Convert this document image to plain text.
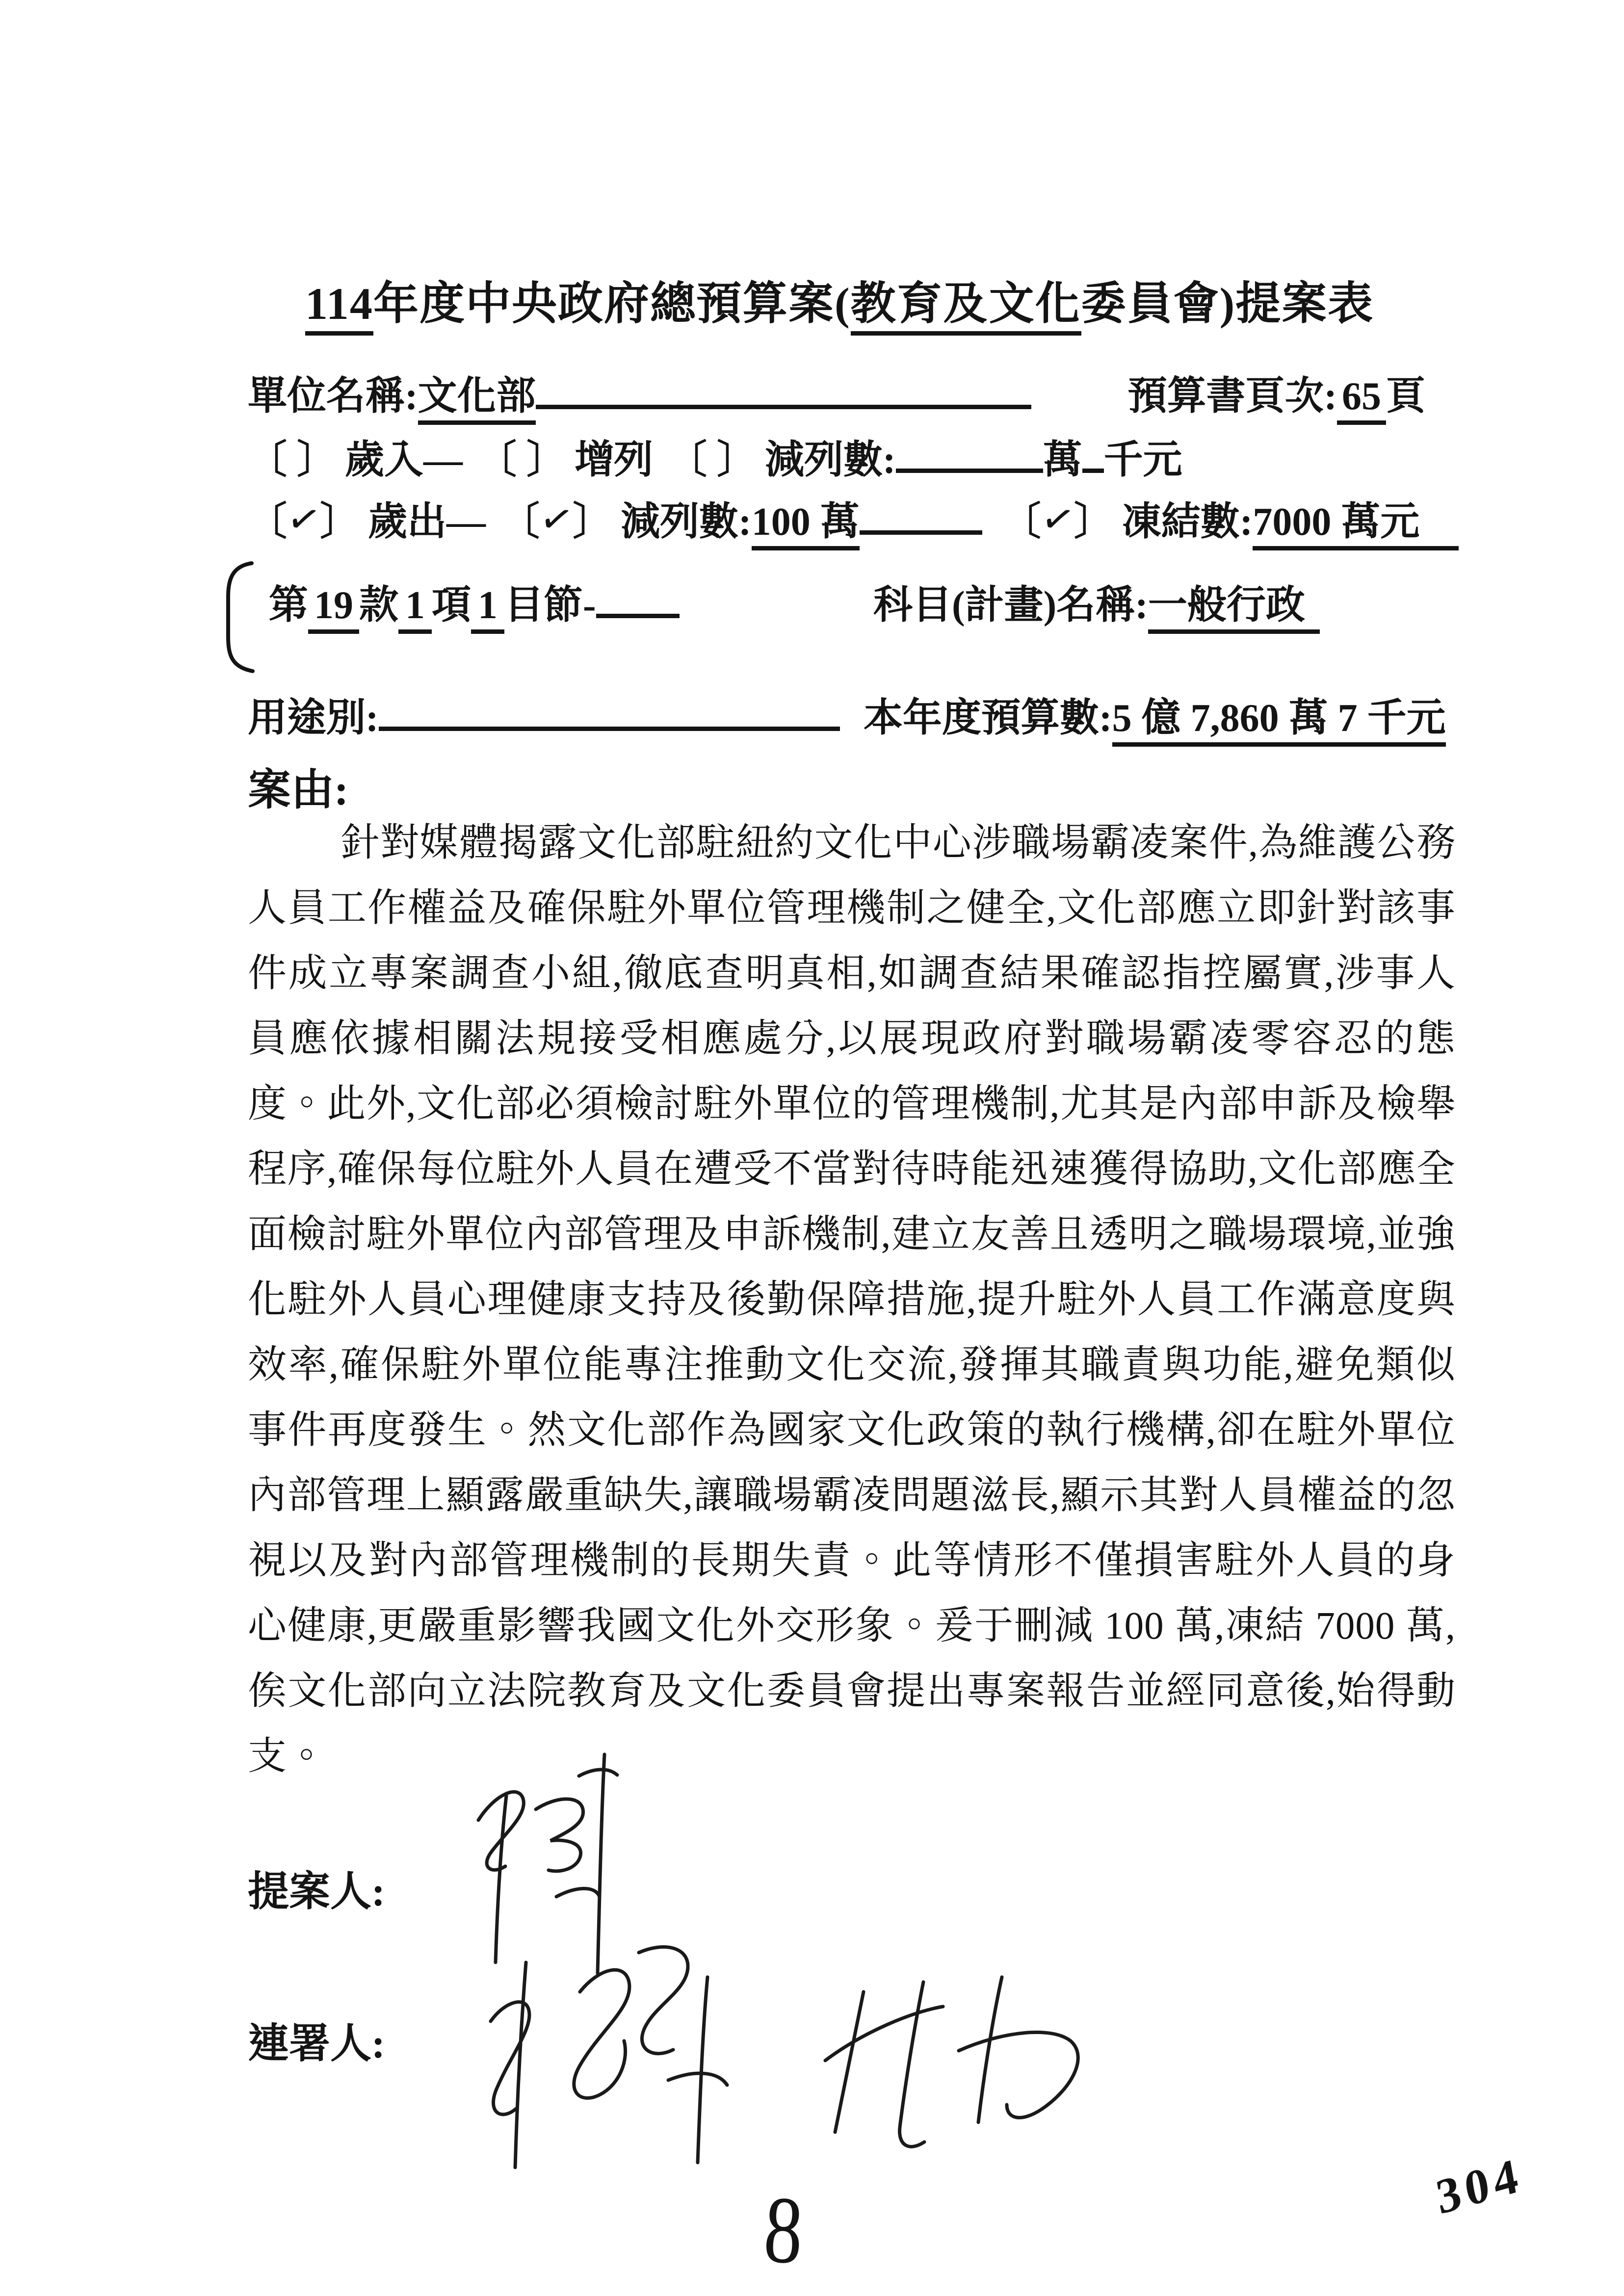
114年度中央政府總預算案(教育及文化委員會)提案表
單位名稱:文化部	預算書頁次: 65 頁
〔 〕 歲入— 〔 〕 增列 〔 〕 減列數:	萬 千元
〔✓〕 歲出— 〔✓〕 減列數:100 萬	〔✓〕 凍結數:7000 萬元
第 19 款 1 項 1 目節-	科目(計畫)名稱:一般行政
用途別:	本年度預算數:5 億 7,860 萬 7 千元
案由:
針對媒體揭露文化部駐紐約文化中心涉職場霸凌案件,為維護公務人員工作權益及確保駐外單位管理機制之健全,文化部應立即針對該事件成立專案調查小組,徹底查明真相,如調查結果確認指控屬實,涉事人員應依據相關法規接受相應處分,以展現政府對職場霸凌零容忍的態度。此外,文化部必須檢討駐外單位的管理機制,尤其是內部申訴及檢舉程序,確保每位駐外人員在遭受不當對待時能迅速獲得協助,文化部應全面檢討駐外單位內部管理及申訴機制,建立友善且透明之職場環境,並強化駐外人員心理健康支持及後勤保障措施,提升駐外人員工作滿意度與效率,確保駐外單位能專注推動文化交流,發揮其職責與功能,避免類似事件再度發生。然文化部作為國家文化政策的執行機構,卻在駐外單位內部管理上顯露嚴重缺失,讓職場霸凌問題滋長,顯示其對人員權益的忽視以及對內部管理機制的長期失責。此等情形不僅損害駐外人員的身心健康,更嚴重影響我國文化外交形象。爰于刪減 100 萬,凍結 7000 萬,俟文化部向立法院教育及文化委員會提出專案報告並經同意後,始得動支。
提案人:
連署人:
8	304
